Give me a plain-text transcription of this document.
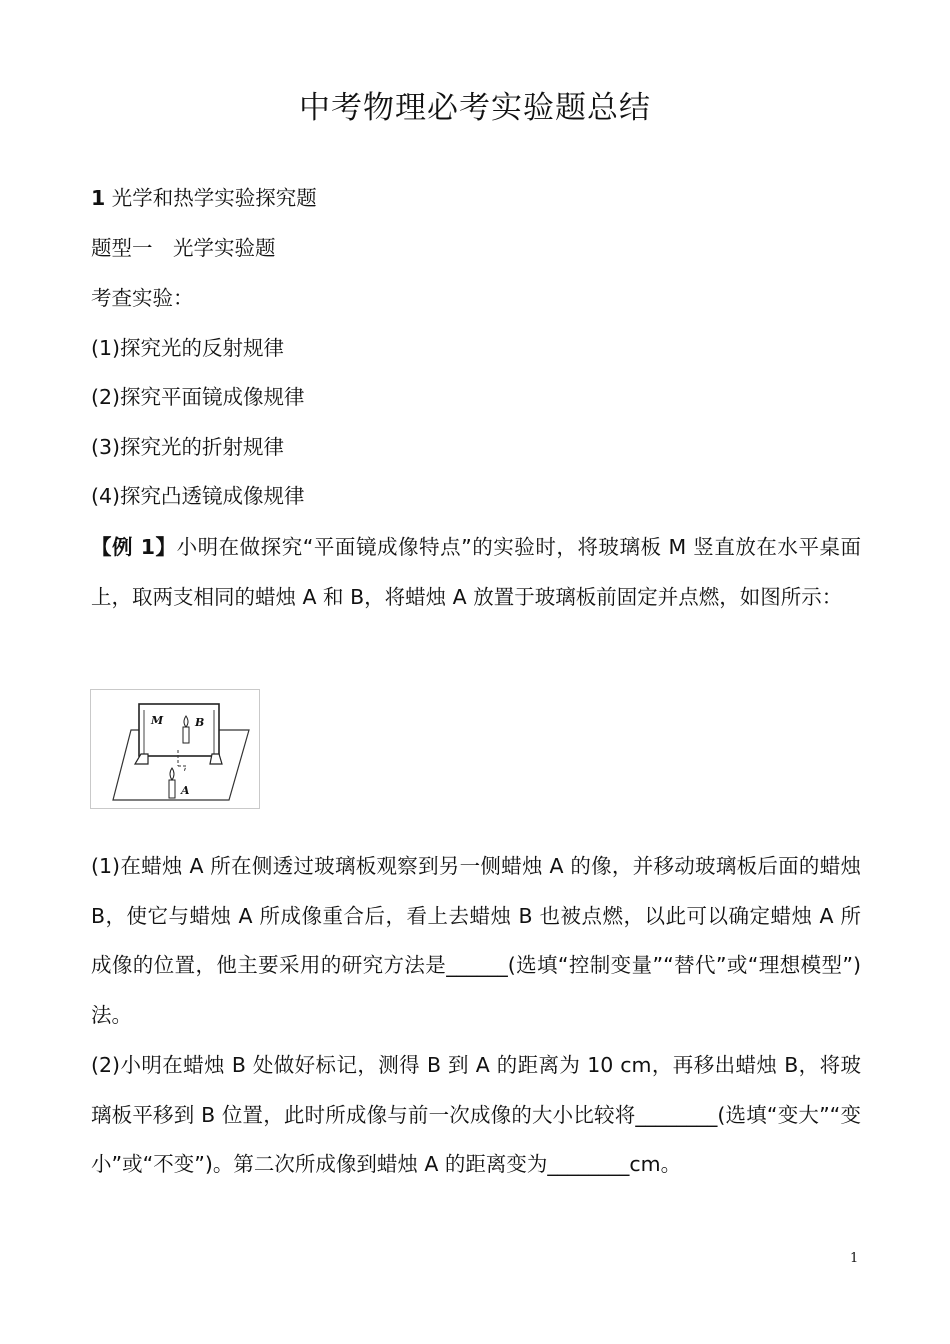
中考物理必考实验题总结
1 光学和热学实验探究题
题型一　光学实验题
考查实验：
(1)探究光的反射规律
(2)探究平面镜成像规律
(3)探究光的折射规律
(4)探究凸透镜成像规律

【例 1】小明在做探究“平面镜成像特点”的实验时，将玻璃板 M 竖直放在水平桌面上，取两支相同的蜡烛 A 和 B，将蜡烛 A 放置于玻璃板前固定并点燃，如图所示：

M	B
A

(1)在蜡烛 A 所在侧透过玻璃板观察到另一侧蜡烛 A 的像，并移动玻璃板后面的蜡烛 B，使它与蜡烛 A 所成像重合后，看上去蜡烛 B 也被点燃，以此可以确定蜡烛 A 所成像的位置，他主要采用的研究方法是______(选填“控制变量”“替代”或“理想模型”)法。

(2)小明在蜡烛 B 处做好标记，测得 B 到 A 的距离为 10 cm，再移出蜡烛 B，将玻璃板平移到 B 位置，此时所成像与前一次成像的大小比较将________(选填“变大”“变小”或“不变”)。第二次所成像到蜡烛 A 的距离变为________cm。

1
